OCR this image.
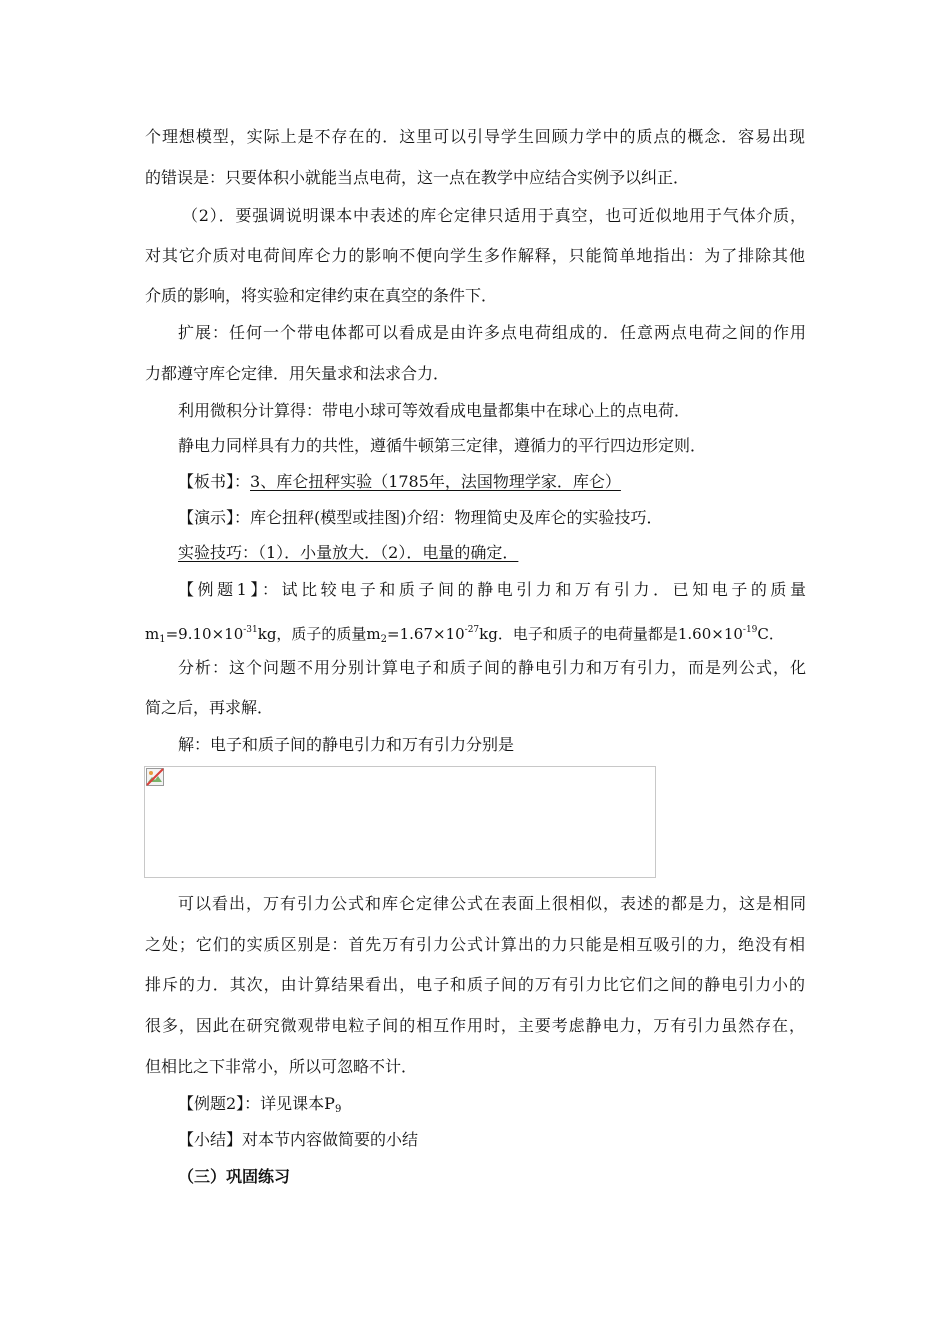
个理想模型，实际上是不存在的．这里可以引导学生回顾力学中的质点的概念．容易出现
的错误是：只要体积小就能当点电荷，这一点在教学中应结合实例予以纠正．
（2）．要强调说明课本中表述的库仑定律只适用于真空，也可近似地用于气体介质，
对其它介质对电荷间库仑力的影响不便向学生多作解释，只能简单地指出：为了排除其他
介质的影响，将实验和定律约束在真空的条件下．
扩展：任何一个带电体都可以看成是由许多点电荷组成的．任意两点电荷之间的作用
力都遵守库仑定律．用矢量求和法求合力．
利用微积分计算得：带电小球可等效看成电量都集中在球心上的点电荷．
静电力同样具有力的共性，遵循牛顿第三定律，遵循力的平行四边形定则．
【板书】：3、库仑扭秤实验（1785年，法国物理学家．库仑）
【演示】：库仑扭秤(模型或挂图)介绍：物理简史及库仑的实验技巧．
实验技巧：（1）．小量放大．（2）．电量的确定．
【例题1】：试比较电子和质子间的静电引力和万有引力．已知电子的质量
$m_1=9.10\times 10^{-31}kg$，质子的质量$m_2=1.67\times 10^{-27}kg$．电子和质子的电荷量都是$1.60\times 10^{-19}C$．
分析：这个问题不用分别计算电子和质子间的静电引力和万有引力，而是列公式，化
简之后，再求解．
解：电子和质子间的静电引力和万有引力分别是
可以看出，万有引力公式和库仑定律公式在表面上很相似，表述的都是力，这是相同
之处；它们的实质区别是：首先万有引力公式计算出的力只能是相互吸引的力，绝没有相
排斥的力．其次，由计算结果看出，电子和质子间的万有引力比它们之间的静电引力小的
很多，因此在研究微观带电粒子间的相互作用时，主要考虑静电力，万有引力虽然存在，
但相比之下非常小，所以可忽略不计．
【例题2】：详见课本$P_9$
【小结】对本节内容做简要的小结
（三）巩固练习
